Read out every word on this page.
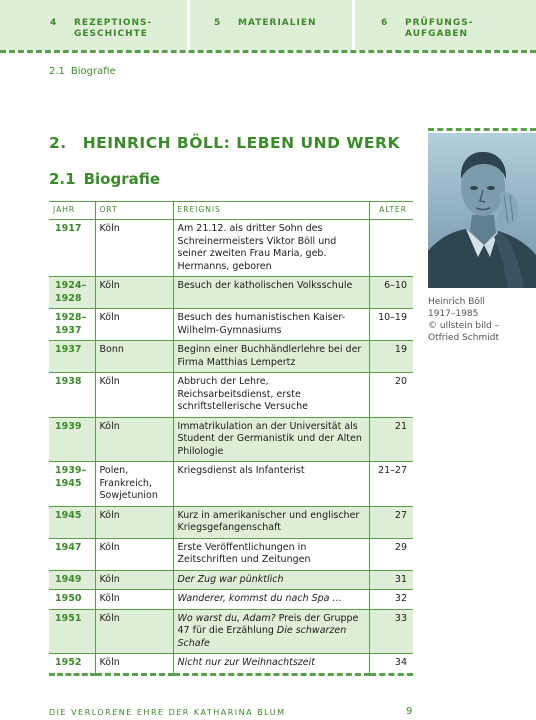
4	REZEPTIONS-
GESCHICHTE
5	MATERIALIEN	6	PRÜFUNGS-
AUFGABEN
2.1 Biografie
2. HEINRICH BÖLL: LEBEN UND WERK
2.1 Biografie
JAHR	ORT	EREIGNIS	ALTER
1917	Köln	Am 21.12. als dritter Sohn des Schreinermeisters Viktor Böll und seiner zweiten Frau Maria, geb. Hermanns, geboren	
1924–1928	Köln	Besuch der katholischen Volksschule	6–10
1928–1937	Köln	Besuch des humanistischen Kaiser-Wilhelm-Gymnasiums	10–19
1937	Bonn	Beginn einer Buchhändlerlehre bei der Firma Matthias Lempertz	19
1938	Köln	Abbruch der Lehre, Reichsarbeitsdienst, erste schriftstellerische Versuche	20
1939	Köln	Immatrikulation an der Universität als Student der Germanistik und der Alten Philologie	21
1939–1945	Polen, Frankreich, Sowjetunion	Kriegsdienst als Infanterist	21–27
1945	Köln	Kurz in amerikanischer und englischer Kriegsgefangenschaft	27
1947	Köln	Erste Veröffentlichungen in Zeitschriften und Zeitungen	29
1949	Köln	Der Zug war pünktlich	31
1950	Köln	Wanderer, kommst du nach Spa …	32
1951	Köln	Wo warst du, Adam? Preis der Gruppe 47 für die Erzählung Die schwarzen Schafe	33
1952	Köln	Nicht nur zur Weihnachtszeit	34
Heinrich Böll
1917–1985
© ullstein bild –
Otfried Schmidt
DIE VERLORENE EHRE DER KATHARINA BLUM	9
